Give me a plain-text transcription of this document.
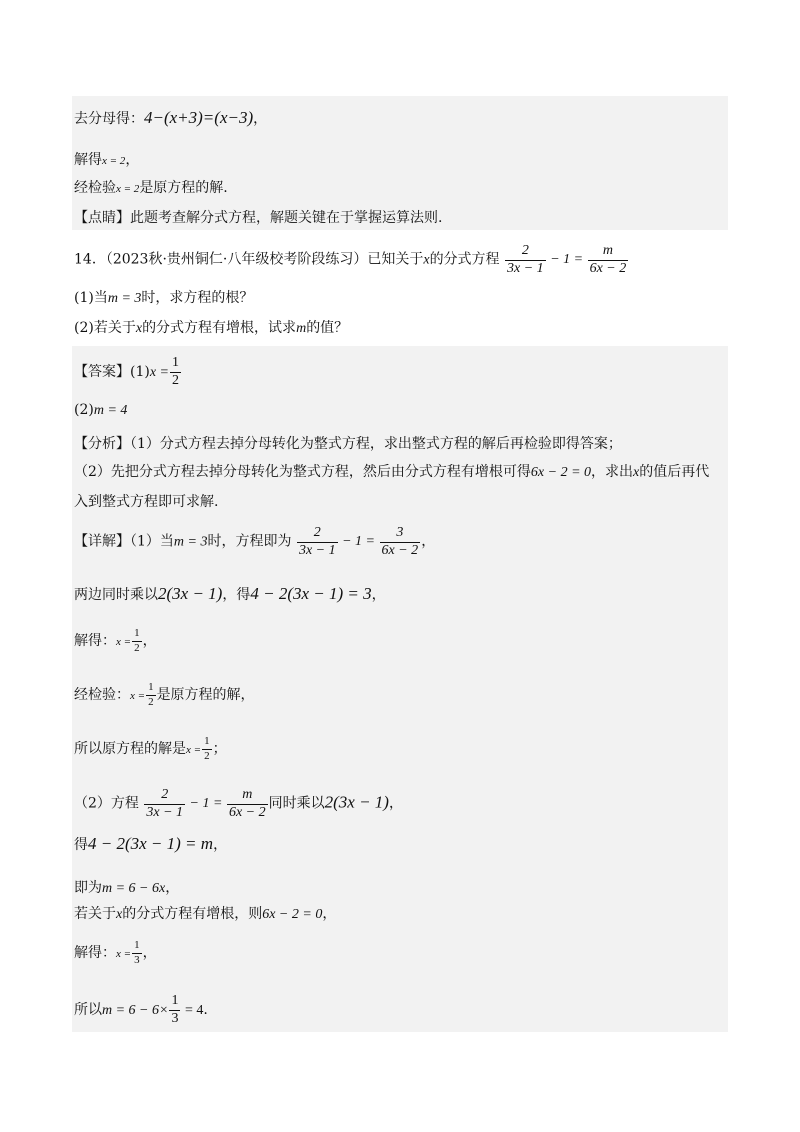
去分母得：4−(x+3)=(x−3)，
解得x = 2，
经检验x = 2是原方程的解.
【点睛】此题考查解分式方程，解题关键在于掌握运算法则.
14．（2023秋·贵州铜仁·八年级校考阶段练习）已知关于x的分式方程 $\frac{2}{3x - 1} - 1 = \frac{m}{6x - 2}$
(1)当m = 3时，求方程的根？
(2)若关于x的分式方程有增根，试求m的值？
【答案】$(1)x = \frac{1}{2}$
(2)m = 4
【分析】（1）分式方程去掉分母转化为整式方程，求出整式方程的解后再检验即得答案；
（2）先把分式方程去掉分母转化为整式方程，然后由分式方程有增根可得6x − 2 = 0，求出x的值后再代
入到整式方程即可求解.
【详解】（1）当m = 3时，方程即为 $\frac{2}{3x - 1} - 1 = \frac{3}{6x - 2}$ ，
两边同时乘以2(3x − 1)，得4 − 2(3x − 1) = 3，
解得：$x = \frac{1}{2}$ ，
经检验：$x = \frac{1}{2}$ 是原方程的解，
所以原方程的解是$x = \frac{1}{2}$ ；
（2）方程 $\frac{2}{3x - 1} - 1 = \frac{m}{6x - 2}$ 同时乘以2(3x − 1)，
得4 − 2(3x − 1) = m，
即为m = 6 − 6x，
若关于x的分式方程有增根，则6x − 2 = 0，
解得：$x = \frac{1}{3}$ ，
所以$m = 6 - 6\times \frac{1}{3} = 4$.
